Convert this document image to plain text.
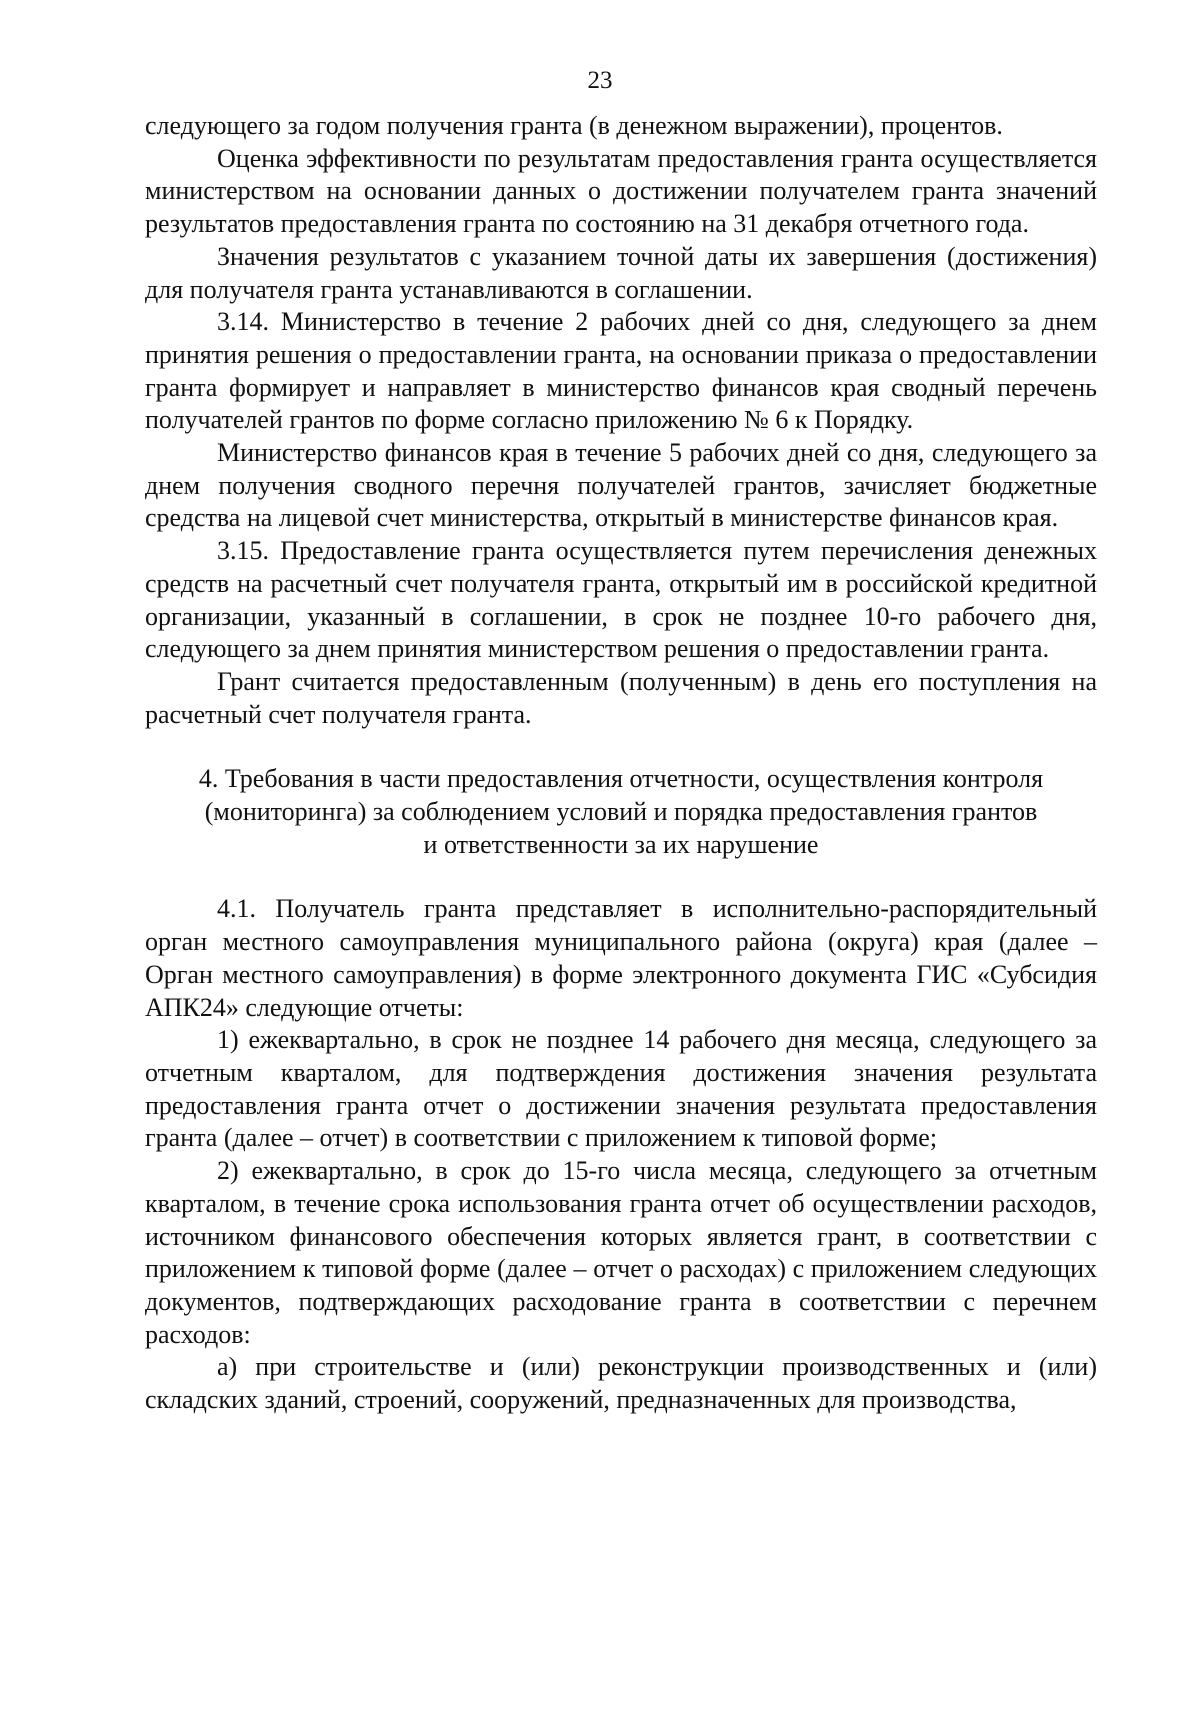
23

следующего за годом получения гранта (в денежном выражении), процентов.

Оценка эффективности по результатам предоставления гранта осуществляется министерством на основании данных о достижении получателем гранта значений результатов предоставления гранта по состоянию на 31 декабря отчетного года.

Значения результатов с указанием точной даты их завершения (достижения) для получателя гранта устанавливаются в соглашении.

3.14. Министерство в течение 2 рабочих дней со дня, следующего за днем принятия решения о предоставлении гранта, на основании приказа о предоставлении гранта формирует и направляет в министерство финансов края сводный перечень получателей грантов по форме согласно приложению № 6 к Порядку.

Министерство финансов края в течение 5 рабочих дней со дня, следующего за днем получения сводного перечня получателей грантов, зачисляет бюджетные средства на лицевой счет министерства, открытый в министерстве финансов края.

3.15. Предоставление гранта осуществляется путем перечисления денежных средств на расчетный счет получателя гранта, открытый им в российской кредитной организации, указанный в соглашении, в срок не позднее 10-го рабочего дня, следующего за днем принятия министерством решения о предоставлении гранта.

Грант считается предоставленным (полученным) в день его поступления на расчетный счет получателя гранта.

4. Требования в части предоставления отчетности, осуществления контроля
(мониторинга) за соблюдением условий и порядка предоставления грантов
и ответственности за их нарушение

4.1. Получатель гранта представляет в исполнительно-распорядительный орган местного самоуправления муниципального района (округа) края (далее – Орган местного самоуправления) в форме электронного документа ГИС «Субсидия АПК24» следующие отчеты:

1) ежеквартально, в срок не позднее 14 рабочего дня месяца, следующего за отчетным кварталом, для подтверждения достижения значения результата предоставления гранта отчет о достижении значения результата предоставления гранта (далее – отчет) в соответствии с приложением к типовой форме;

2) ежеквартально, в срок до 15-го числа месяца, следующего за отчетным кварталом, в течение срока использования гранта отчет об осуществлении расходов, источником финансового обеспечения которых является грант, в соответствии с приложением к типовой форме (далее – отчет о расходах) с приложением следующих документов, подтверждающих расходование гранта в соответствии с перечнем расходов:

а) при строительстве и (или) реконструкции производственных и (или) складских зданий, строений, сооружений, предназначенных для производства,
